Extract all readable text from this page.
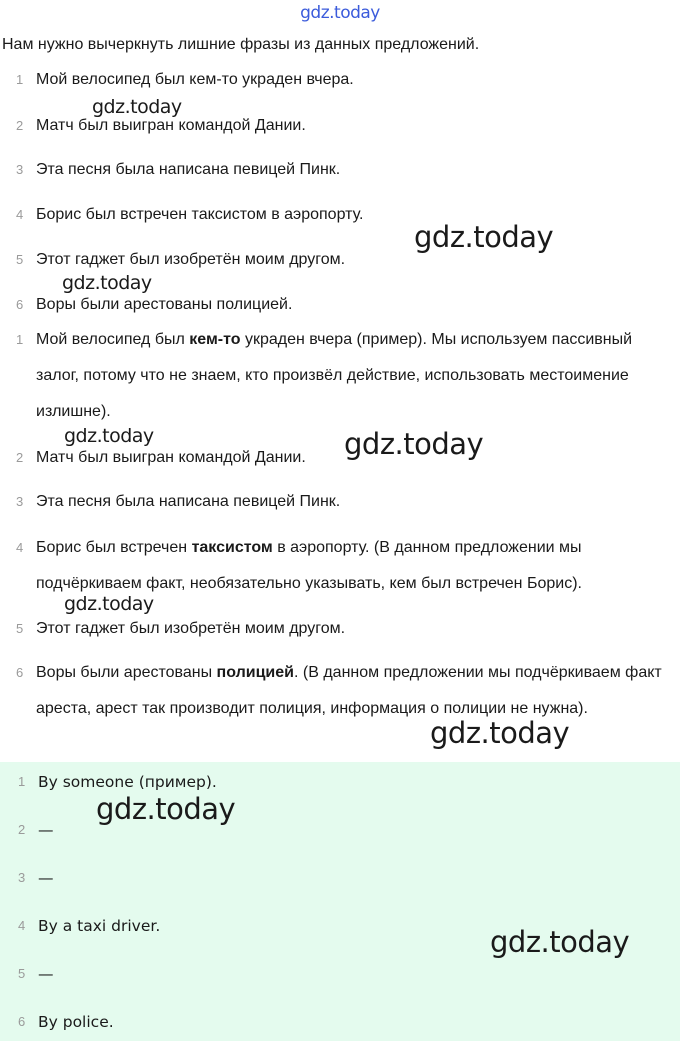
gdz.today
Нам нужно вычеркнуть лишние фразы из данных предложений.
1 Мой велосипед был кем-то украден вчера.
2 Матч был выигран командой Дании.
3 Эта песня была написана певицей Пинк.
4 Борис был встречен таксистом в аэропорту.
5 Этот гаджет был изобретён моим другом.
6 Воры были арестованы полицией.
1 Мой велосипед был кем-то украден вчера (пример). Мы используем пассивный залог, потому что не знаем, кто произвёл действие, использовать местоимение излишне).
2 Матч был выигран командой Дании.
3 Эта песня была написана певицей Пинк.
4 Борис был встречен таксистом в аэропорту. (В данном предложении мы подчёркиваем факт, необязательно указывать, кем был встречен Борис).
5 Этот гаджет был изобретён моим другом.
6 Воры были арестованы полицией. (В данном предложении мы подчёркиваем факт ареста, арест так производит полиция, информация о полиции не нужна).
1 By someone (пример).
2 —
3 —
4 By a taxi driver.
5 —
6 By police.
gdz.today
gdz.today
gdz.today
gdz.today	gdz.today
gdz.today
gdz.today
gdz.today
gdz.today
